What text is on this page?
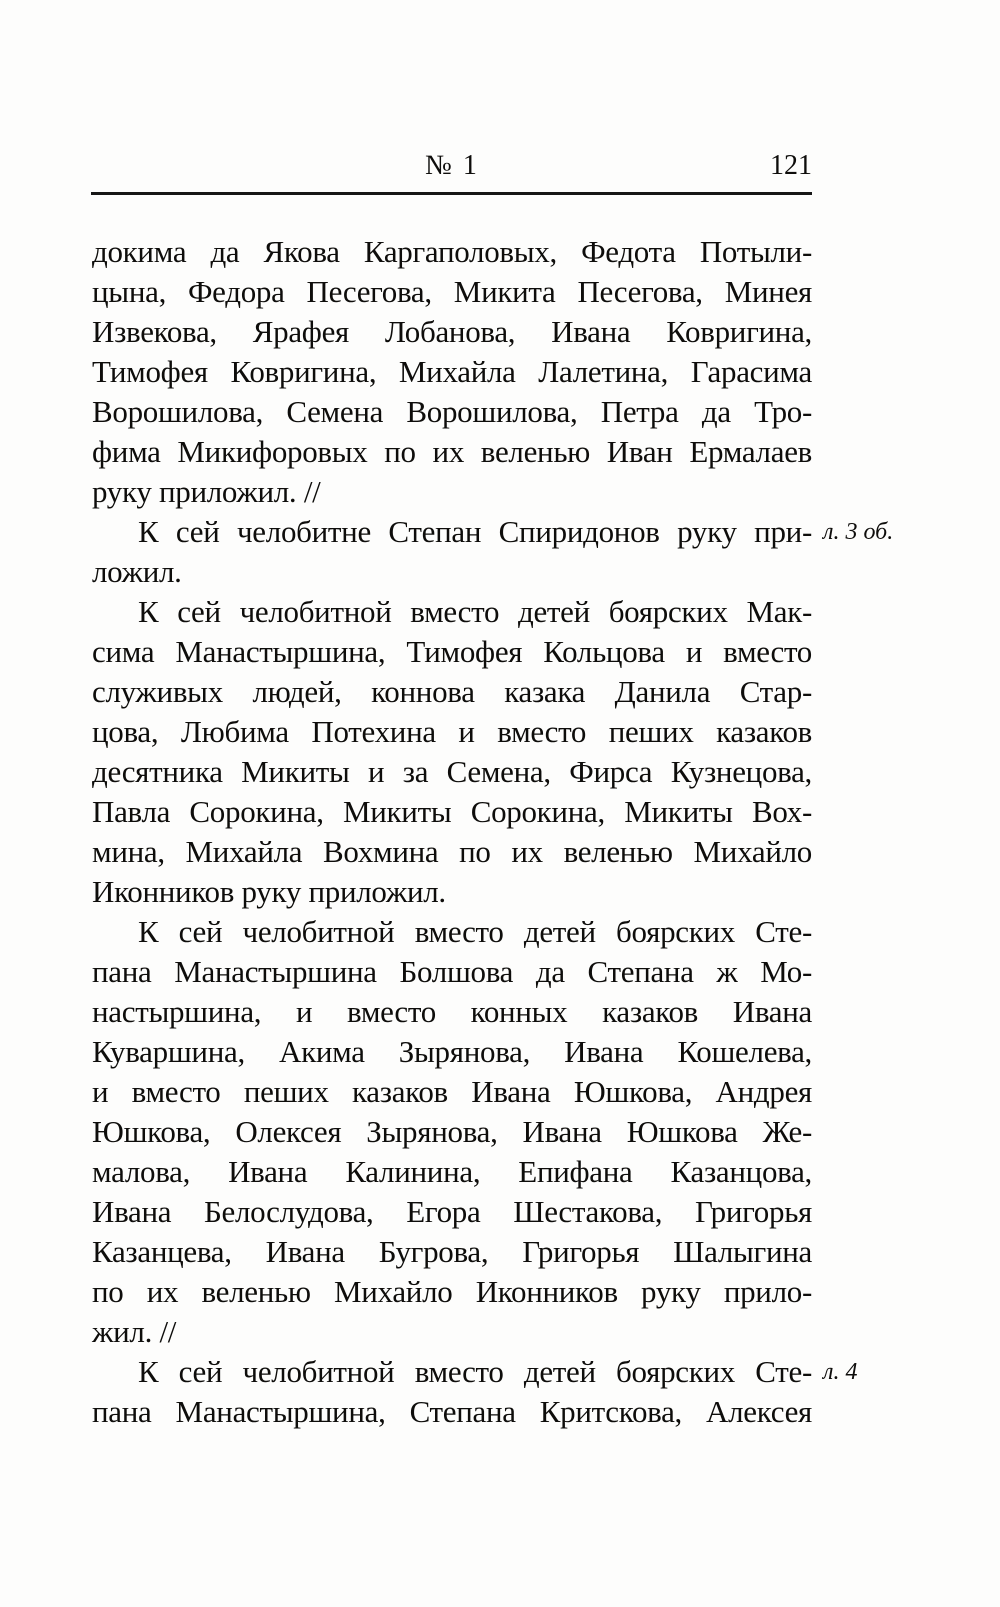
№ 1	121
докима да Якова Каргаполовых, Федота Потыли-
цына, Федора Песегова, Микита Песегова, Минея
Извекова, Ярафея Лобанова, Ивана Ковригина,
Тимофея Ковригина, Михайла Лалетина, Гарасима
Ворошилова, Семена Ворошилова, Петра да Тро-
фима Микифоровых по их веленью Иван Ермалаев
руку приложил. //
К сей челобитне Степан Спиридонов руку при- л. 3 об.
ложил.
К сей челобитной вместо детей боярских Мак-
сима Манастыршина, Тимофея Кольцова и вместо
служивых людей, коннова казака Данила Стар-
цова, Любима Потехина и вместо пеших казаков
десятника Микиты и за Семена, Фирса Кузнецова,
Павла Сорокина, Микиты Сорокина, Микиты Вох-
мина, Михайла Вохмина по их веленью Михайло
Иконников руку приложил.
К сей челобитной вместо детей боярских Сте-
пана Манастыршина Болшова да Степана ж Мо-
настыршина, и вместо конных казаков Ивана
Куваршина, Акима Зырянова, Ивана Кошелева,
и вместо пеших казаков Ивана Юшкова, Андрея
Юшкова, Олексея Зырянова, Ивана Юшкова Же-
малова, Ивана Калинина, Епифана Казанцова,
Ивана Белослудова, Егора Шестакова, Григорья
Казанцева, Ивана Бугрова, Григорья Шалыгина
по их веленью Михайло Иконников руку прило-
жил. //
К сей челобитной вместо детей боярских Сте- л. 4
пана Манастыршина, Степана Критскова, Алексея
